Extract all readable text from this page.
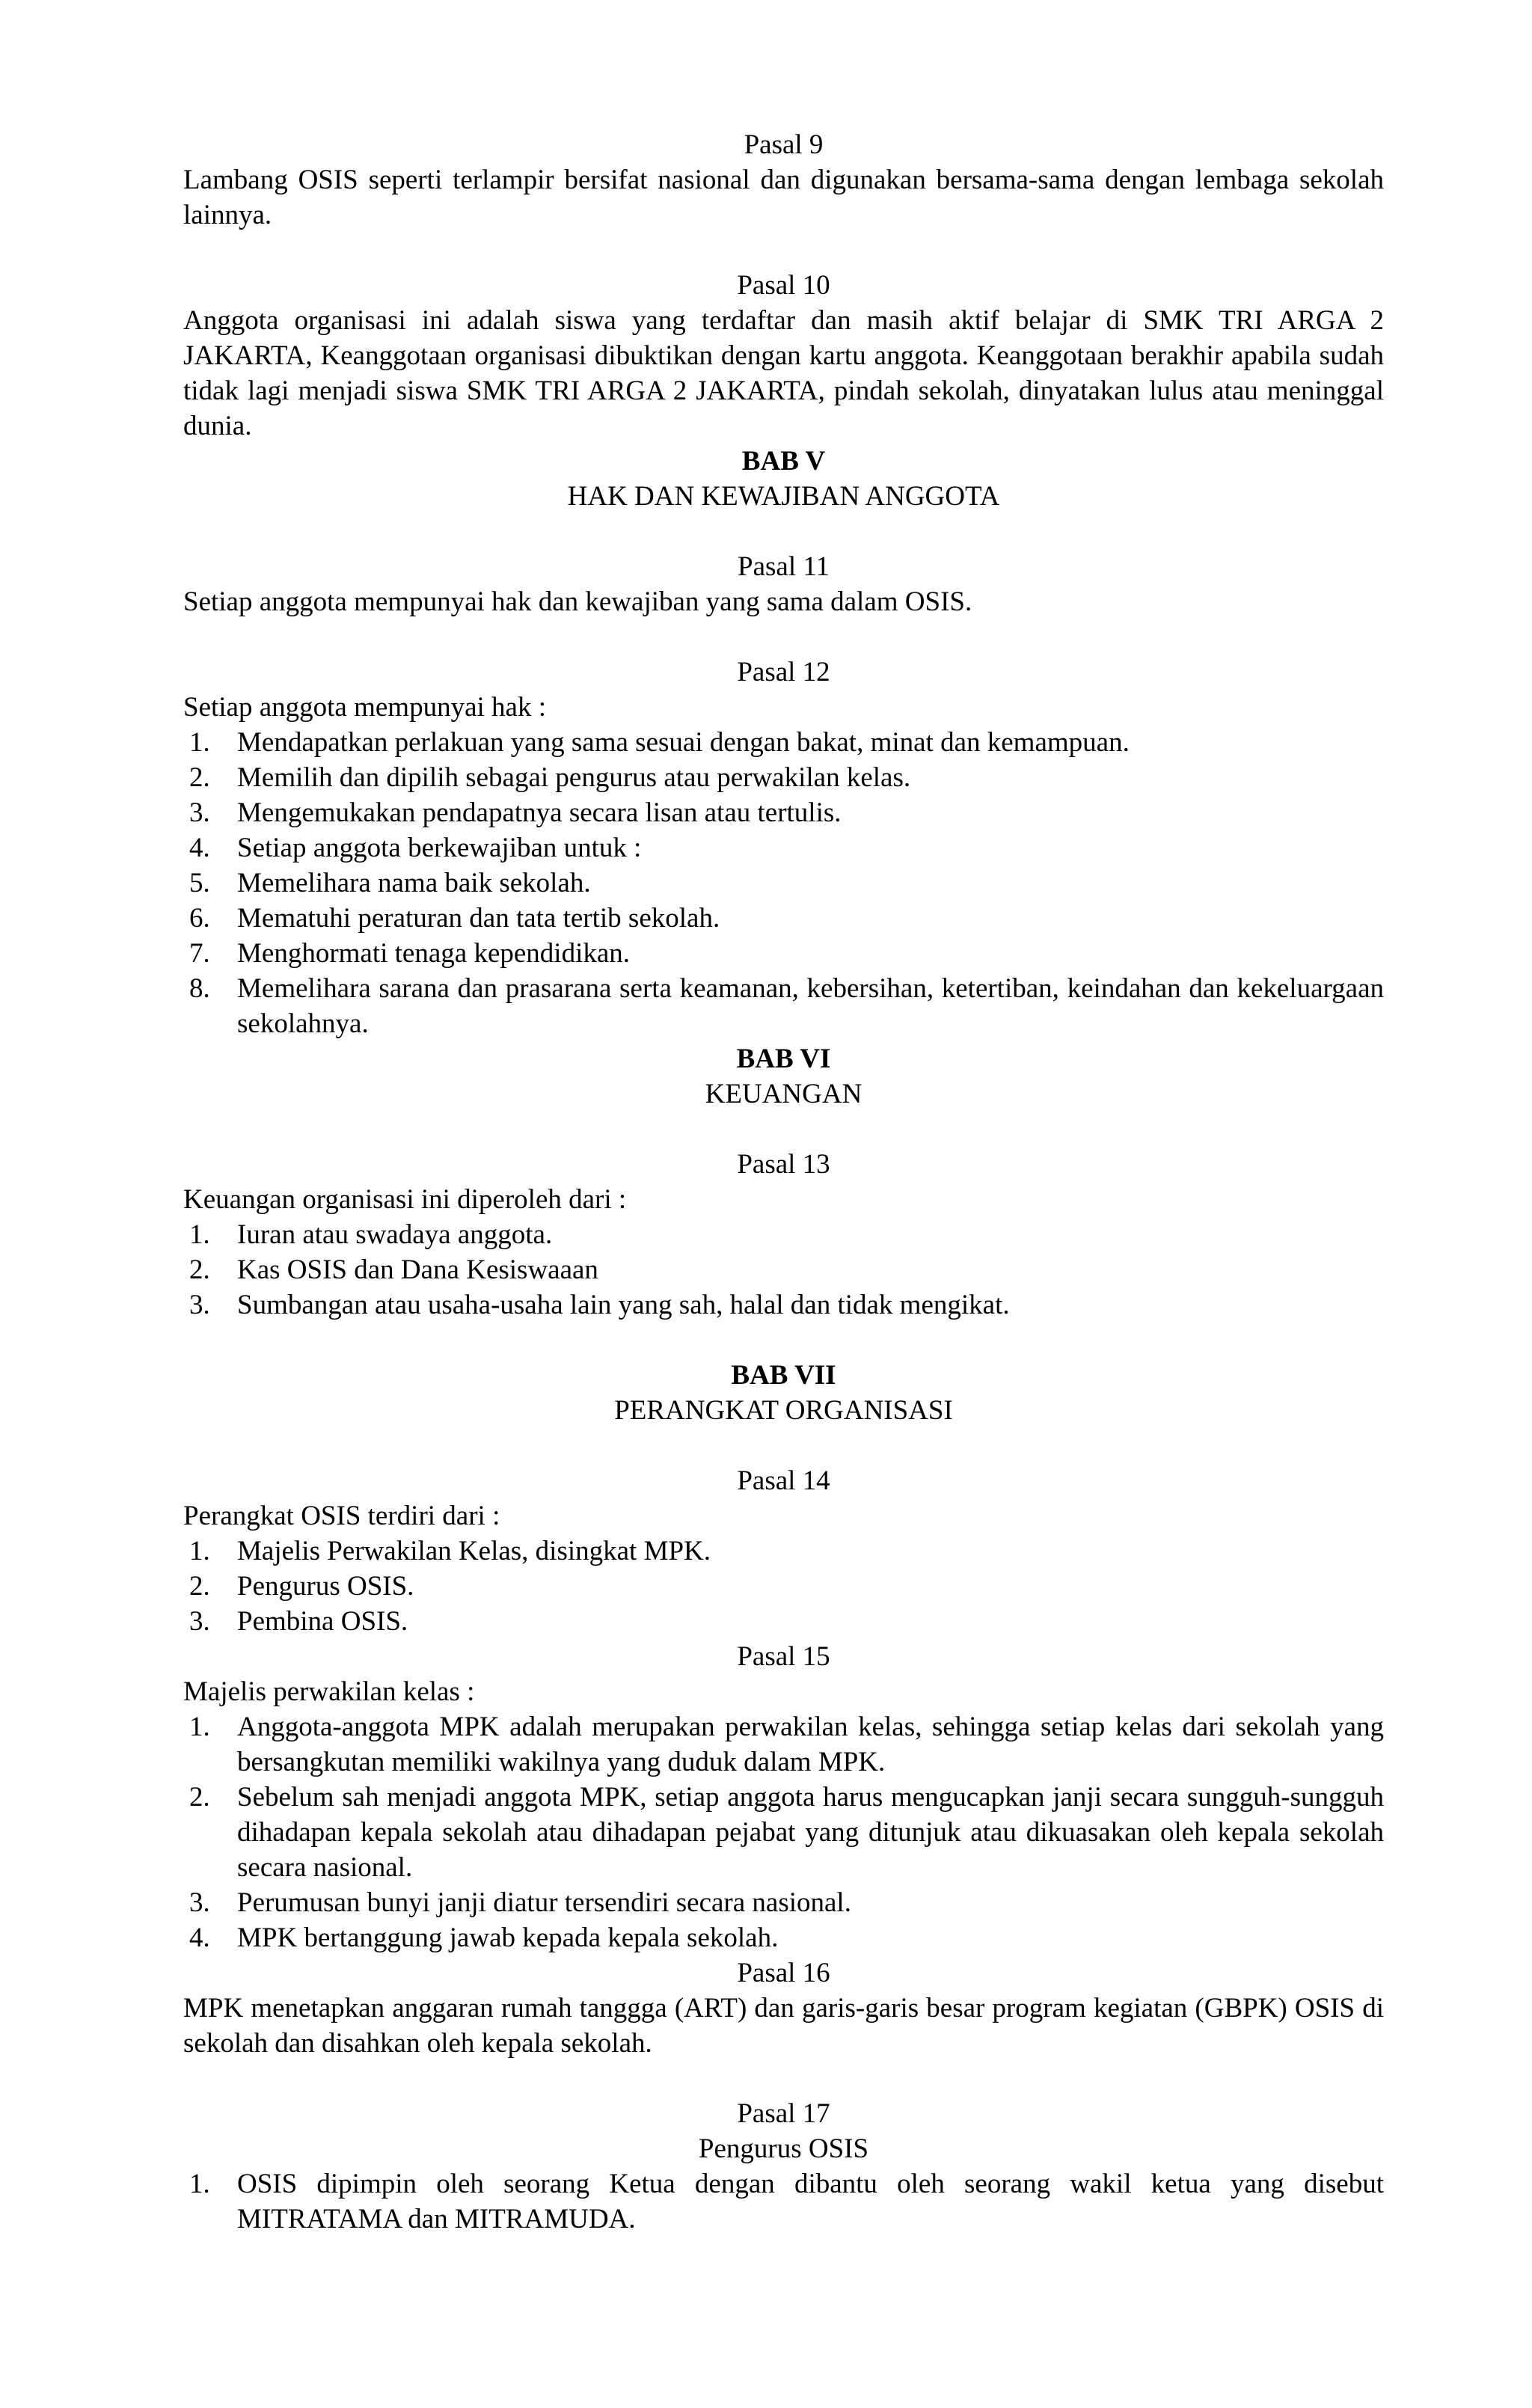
Pasal 9
Lambang OSIS seperti terlampir bersifat nasional dan digunakan bersama-sama dengan lembaga sekolah lainnya.
Pasal 10
Anggota organisasi ini adalah siswa yang terdaftar dan masih aktif belajar di SMK TRI ARGA 2 JAKARTA, Keanggotaan organisasi dibuktikan dengan kartu anggota. Keanggotaan berakhir apabila sudah tidak lagi menjadi siswa SMK TRI ARGA 2 JAKARTA, pindah sekolah, dinyatakan lulus atau meninggal dunia.
BAB V
HAK DAN KEWAJIBAN ANGGOTA
Pasal 11
Setiap anggota mempunyai hak dan kewajiban yang sama dalam OSIS.
Pasal 12
Setiap anggota mempunyai hak :
1. Mendapatkan perlakuan yang sama sesuai dengan bakat, minat dan kemampuan.
2. Memilih dan dipilih sebagai pengurus atau perwakilan kelas.
3. Mengemukakan pendapatnya secara lisan atau tertulis.
4. Setiap anggota berkewajiban untuk :
5. Memelihara nama baik sekolah.
6. Mematuhi peraturan dan tata tertib sekolah.
7. Menghormati tenaga kependidikan.
8. Memelihara sarana dan prasarana serta keamanan, kebersihan, ketertiban, keindahan dan kekeluargaan sekolahnya.
BAB VI
KEUANGAN
Pasal 13
Keuangan organisasi ini diperoleh dari :
1. Iuran atau swadaya anggota.
2. Kas OSIS dan Dana Kesiswaaan
3. Sumbangan atau usaha-usaha lain yang sah, halal dan tidak mengikat.
BAB VII
PERANGKAT ORGANISASI
Pasal 14
Perangkat OSIS terdiri dari :
1. Majelis Perwakilan Kelas, disingkat MPK.
2. Pengurus OSIS.
3. Pembina OSIS.
Pasal 15
Majelis perwakilan kelas :
1. Anggota-anggota MPK adalah merupakan perwakilan kelas, sehingga setiap kelas dari sekolah yang bersangkutan memiliki wakilnya yang duduk dalam MPK.
2. Sebelum sah menjadi anggota MPK, setiap anggota harus mengucapkan janji secara sungguh-sungguh dihadapan kepala sekolah atau dihadapan pejabat yang ditunjuk atau dikuasakan oleh kepala sekolah secara nasional.
3. Perumusan bunyi janji diatur tersendiri secara nasional.
4. MPK bertanggung jawab kepada kepala sekolah.
Pasal 16
MPK menetapkan anggaran rumah tanggga (ART) dan garis-garis besar program kegiatan (GBPK) OSIS di sekolah dan disahkan oleh kepala sekolah.
Pasal 17
Pengurus OSIS
1. OSIS dipimpin oleh seorang Ketua dengan dibantu oleh seorang wakil ketua yang disebut MITRATAMA dan MITRAMUDA.
